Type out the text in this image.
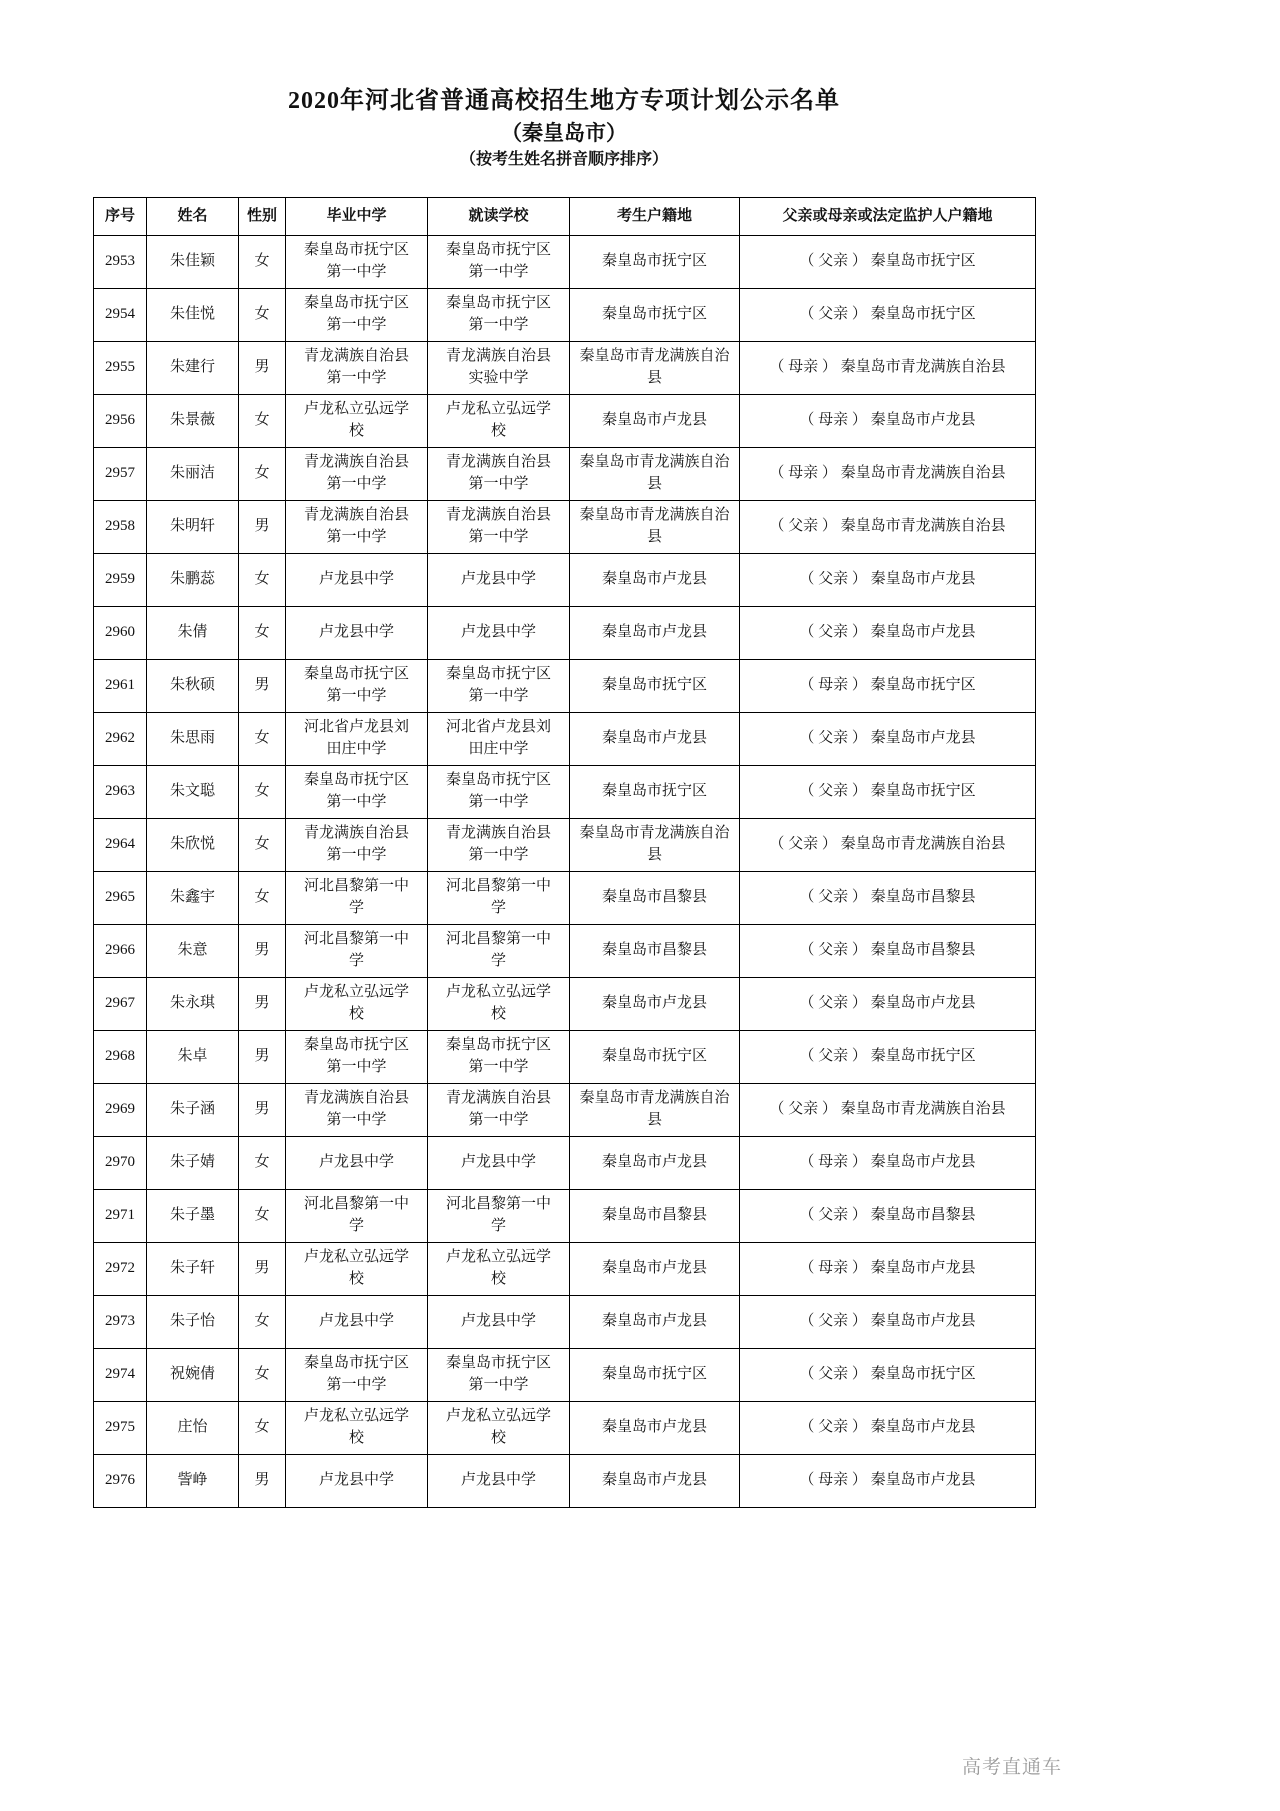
2020年河北省普通高校招生地方专项计划公示名单
（秦皇岛市）
（按考生姓名拼音顺序排序）
序号	姓名	性别	毕业中学	就读学校	考生户籍地	父亲或母亲或法定监护人户籍地
2953	朱佳颖	女	秦皇岛市抚宁区第一中学	秦皇岛市抚宁区第一中学	秦皇岛市抚宁区	（ 父亲 ） 秦皇岛市抚宁区
2954	朱佳悦	女	秦皇岛市抚宁区第一中学	秦皇岛市抚宁区第一中学	秦皇岛市抚宁区	（ 父亲 ） 秦皇岛市抚宁区
2955	朱建行	男	青龙满族自治县第一中学	青龙满族自治县实验中学	秦皇岛市青龙满族自治县	（ 母亲 ） 秦皇岛市青龙满族自治县
2956	朱景薇	女	卢龙私立弘远学校	卢龙私立弘远学校	秦皇岛市卢龙县	（ 母亲 ） 秦皇岛市卢龙县
2957	朱丽洁	女	青龙满族自治县第一中学	青龙满族自治县第一中学	秦皇岛市青龙满族自治县	（ 母亲 ） 秦皇岛市青龙满族自治县
2958	朱明轩	男	青龙满族自治县第一中学	青龙满族自治县第一中学	秦皇岛市青龙满族自治县	（ 父亲 ） 秦皇岛市青龙满族自治县
2959	朱鹏蕊	女	卢龙县中学	卢龙县中学	秦皇岛市卢龙县	（ 父亲 ） 秦皇岛市卢龙县
2960	朱倩	女	卢龙县中学	卢龙县中学	秦皇岛市卢龙县	（ 父亲 ） 秦皇岛市卢龙县
2961	朱秋硕	男	秦皇岛市抚宁区第一中学	秦皇岛市抚宁区第一中学	秦皇岛市抚宁区	（ 母亲 ） 秦皇岛市抚宁区
2962	朱思雨	女	河北省卢龙县刘田庄中学	河北省卢龙县刘田庄中学	秦皇岛市卢龙县	（ 父亲 ） 秦皇岛市卢龙县
2963	朱文聪	女	秦皇岛市抚宁区第一中学	秦皇岛市抚宁区第一中学	秦皇岛市抚宁区	（ 父亲 ） 秦皇岛市抚宁区
2964	朱欣悦	女	青龙满族自治县第一中学	青龙满族自治县第一中学	秦皇岛市青龙满族自治县	（ 父亲 ） 秦皇岛市青龙满族自治县
2965	朱鑫宇	女	河北昌黎第一中学	河北昌黎第一中学	秦皇岛市昌黎县	（ 父亲 ） 秦皇岛市昌黎县
2966	朱意	男	河北昌黎第一中学	河北昌黎第一中学	秦皇岛市昌黎县	（ 父亲 ） 秦皇岛市昌黎县
2967	朱永琪	男	卢龙私立弘远学校	卢龙私立弘远学校	秦皇岛市卢龙县	（ 父亲 ） 秦皇岛市卢龙县
2968	朱卓	男	秦皇岛市抚宁区第一中学	秦皇岛市抚宁区第一中学	秦皇岛市抚宁区	（ 父亲 ） 秦皇岛市抚宁区
2969	朱子涵	男	青龙满族自治县第一中学	青龙满族自治县第一中学	秦皇岛市青龙满族自治县	（ 父亲 ） 秦皇岛市青龙满族自治县
2970	朱子婧	女	卢龙县中学	卢龙县中学	秦皇岛市卢龙县	（ 母亲 ） 秦皇岛市卢龙县
2971	朱子墨	女	河北昌黎第一中学	河北昌黎第一中学	秦皇岛市昌黎县	（ 父亲 ） 秦皇岛市昌黎县
2972	朱子轩	男	卢龙私立弘远学校	卢龙私立弘远学校	秦皇岛市卢龙县	（ 母亲 ） 秦皇岛市卢龙县
2973	朱子怡	女	卢龙县中学	卢龙县中学	秦皇岛市卢龙县	（ 父亲 ） 秦皇岛市卢龙县
2974	祝婉倩	女	秦皇岛市抚宁区第一中学	秦皇岛市抚宁区第一中学	秦皇岛市抚宁区	（ 父亲 ） 秦皇岛市抚宁区
2975	庄怡	女	卢龙私立弘远学校	卢龙私立弘远学校	秦皇岛市卢龙县	（ 父亲 ） 秦皇岛市卢龙县
2976	訾峥	男	卢龙县中学	卢龙县中学	秦皇岛市卢龙县	（ 母亲 ） 秦皇岛市卢龙县
高考直通车
